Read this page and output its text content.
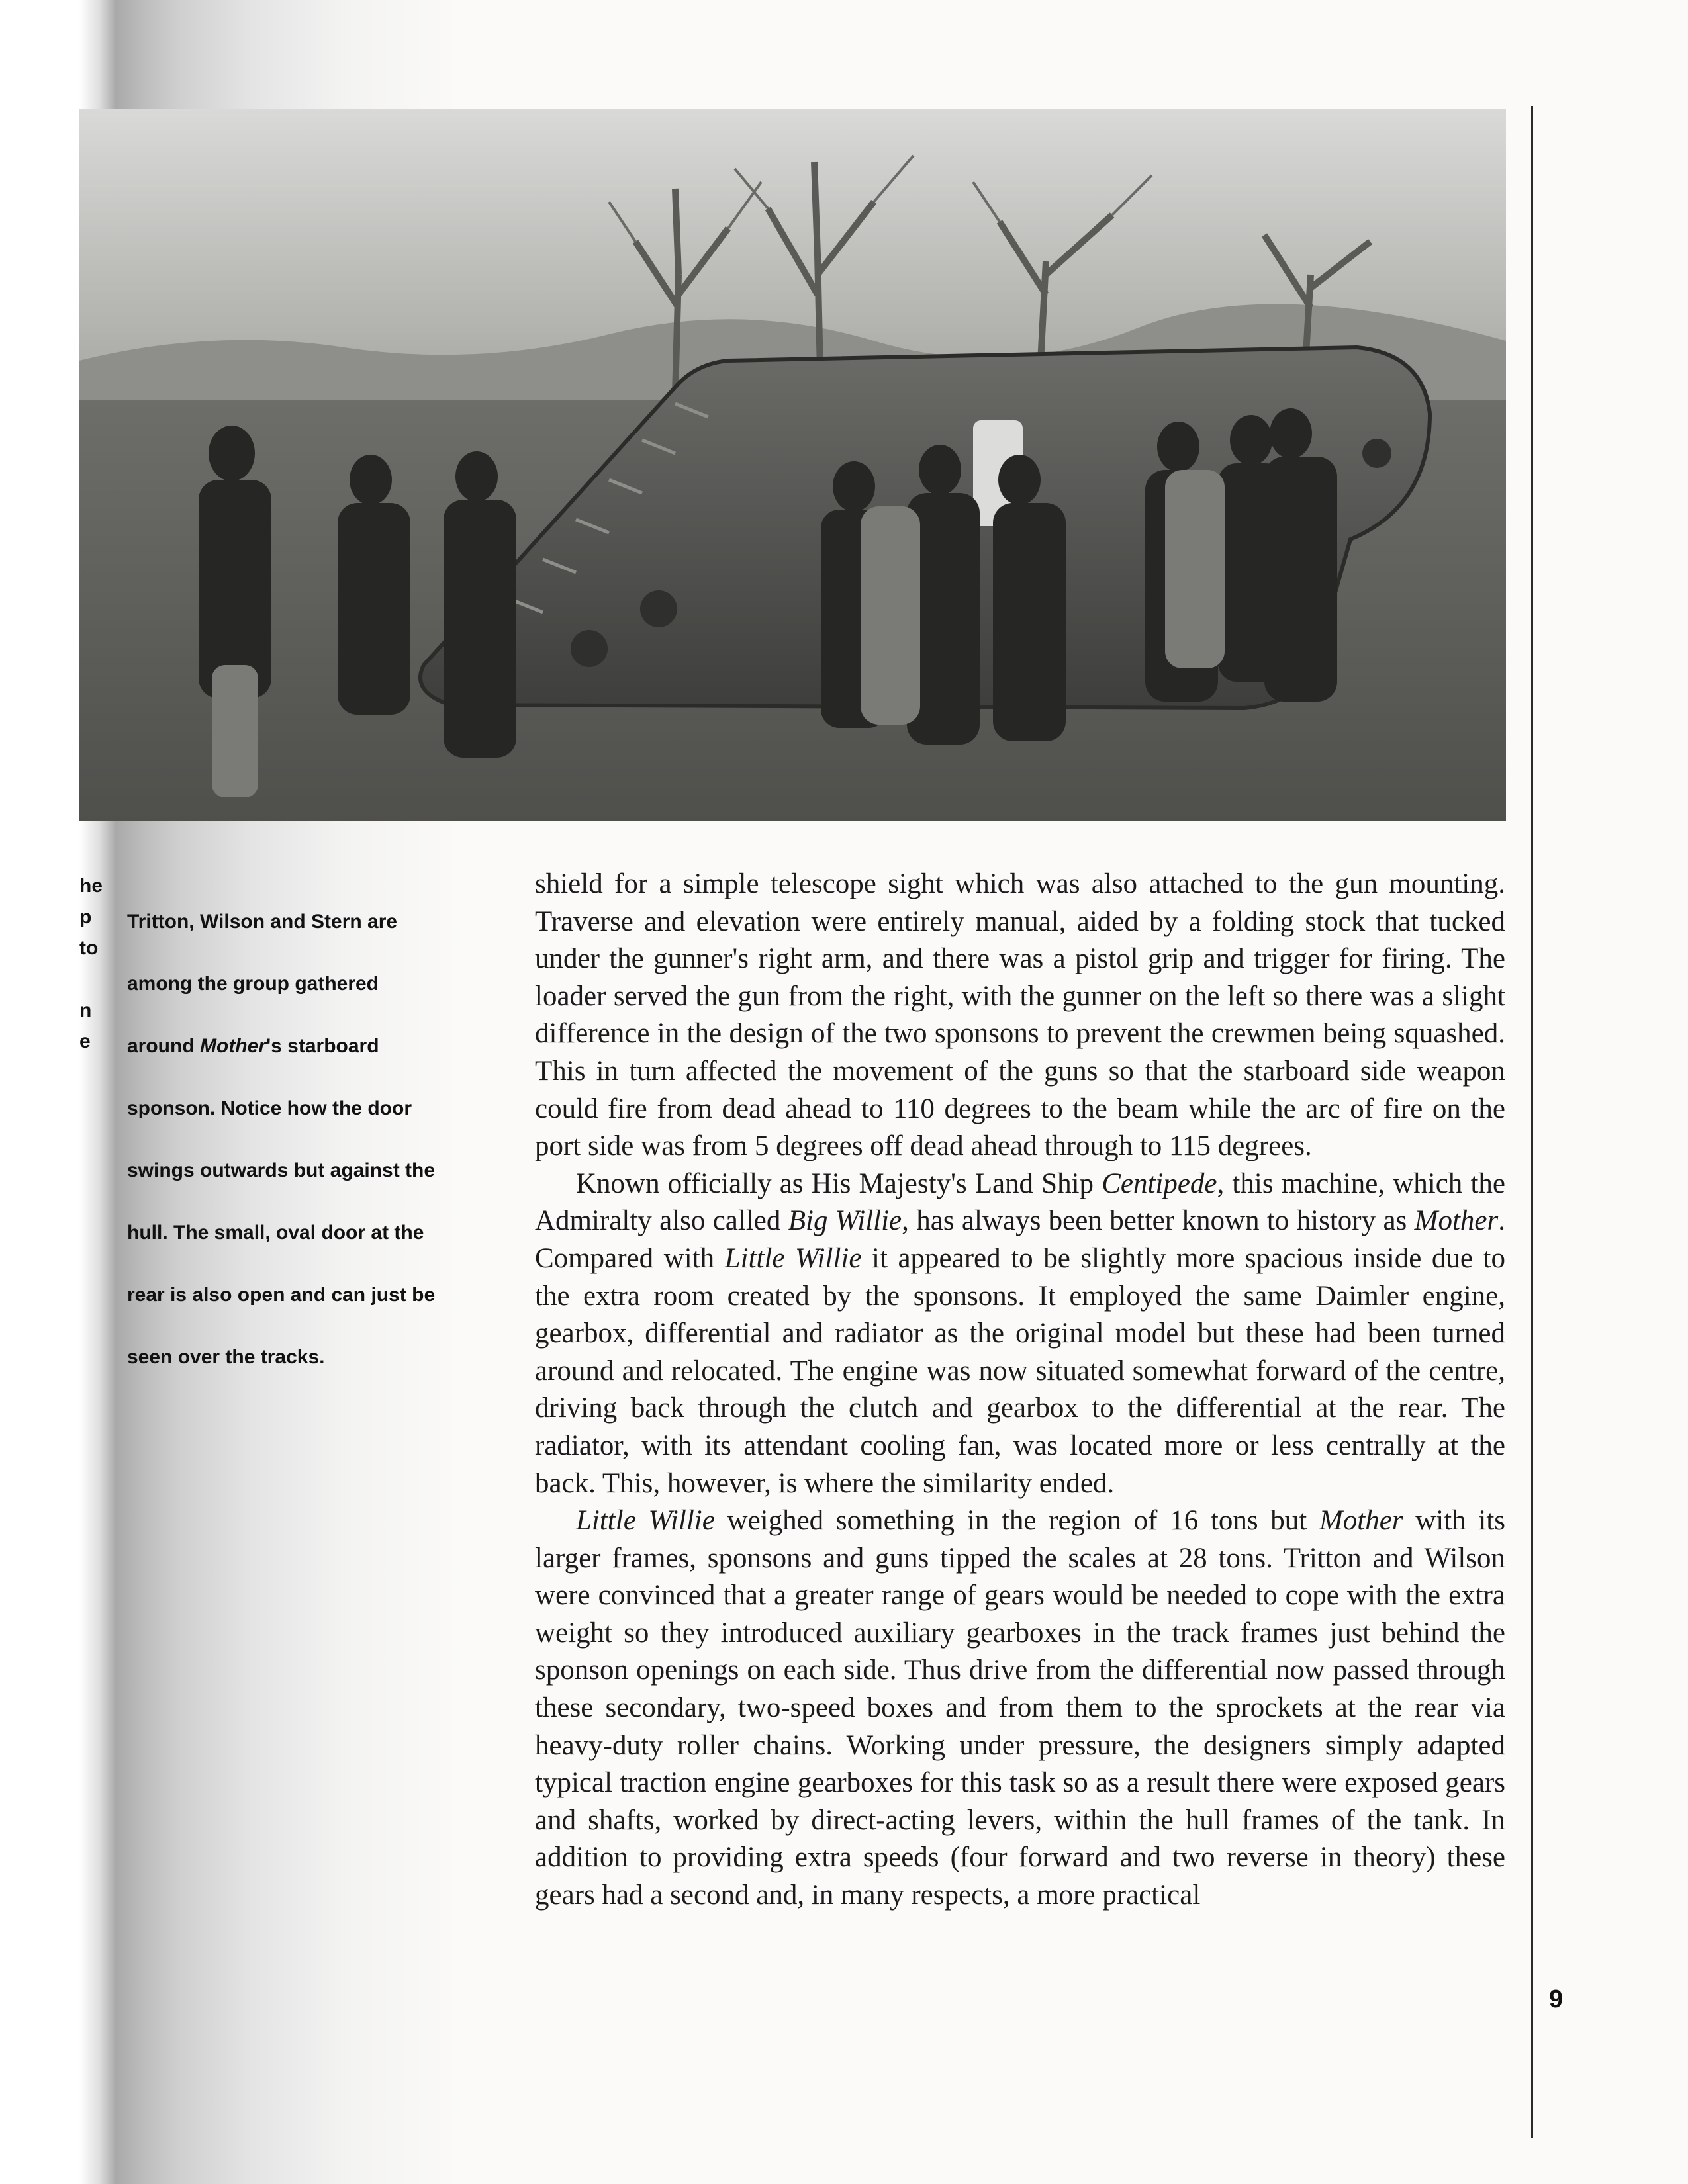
he
p
to
n
e

Tritton, Wilson and Stern are

among the group gathered

around Mother's starboard

sponson. Notice how the door

swings outwards but against the

hull. The small, oval door at the

rear is also open and can just be

seen over the tracks.

shield for a simple telescope sight which was also attached to the gun mounting. Traverse and elevation were entirely manual, aided by a folding stock that tucked under the gunner's right arm, and there was a pistol grip and trigger for firing. The loader served the gun from the right, with the gunner on the left so there was a slight difference in the design of the two sponsons to prevent the crewmen being squashed. This in turn affected the movement of the guns so that the starboard side weapon could fire from dead ahead to 110 degrees to the beam while the arc of fire on the port side was from 5 degrees off dead ahead through to 115 degrees.

Known officially as His Majesty's Land Ship Centipede, this machine, which the Admiralty also called Big Willie, has always been better known to history as Mother. Compared with Little Willie it appeared to be slightly more spacious inside due to the extra room created by the sponsons. It employed the same Daimler engine, gearbox, differential and radiator as the original model but these had been turned around and relocated. The engine was now situated somewhat forward of the centre, driving back through the clutch and gearbox to the differential at the rear. The radiator, with its attendant cooling fan, was located more or less centrally at the back. This, however, is where the similarity ended.

Little Willie weighed something in the region of 16 tons but Mother with its larger frames, sponsons and guns tipped the scales at 28 tons. Tritton and Wilson were convinced that a greater range of gears would be needed to cope with the extra weight so they introduced auxiliary gearboxes in the track frames just behind the sponson openings on each side. Thus drive from the differential now passed through these secondary, two-speed boxes and from them to the sprockets at the rear via heavy-duty roller chains. Working under pressure, the designers simply adapted typical traction engine gearboxes for this task so as a result there were exposed gears and shafts, worked by direct-acting levers, within the hull frames of the tank. In addition to providing extra speeds (four forward and two reverse in theory) these gears had a second and, in many respects, a more practical

9
